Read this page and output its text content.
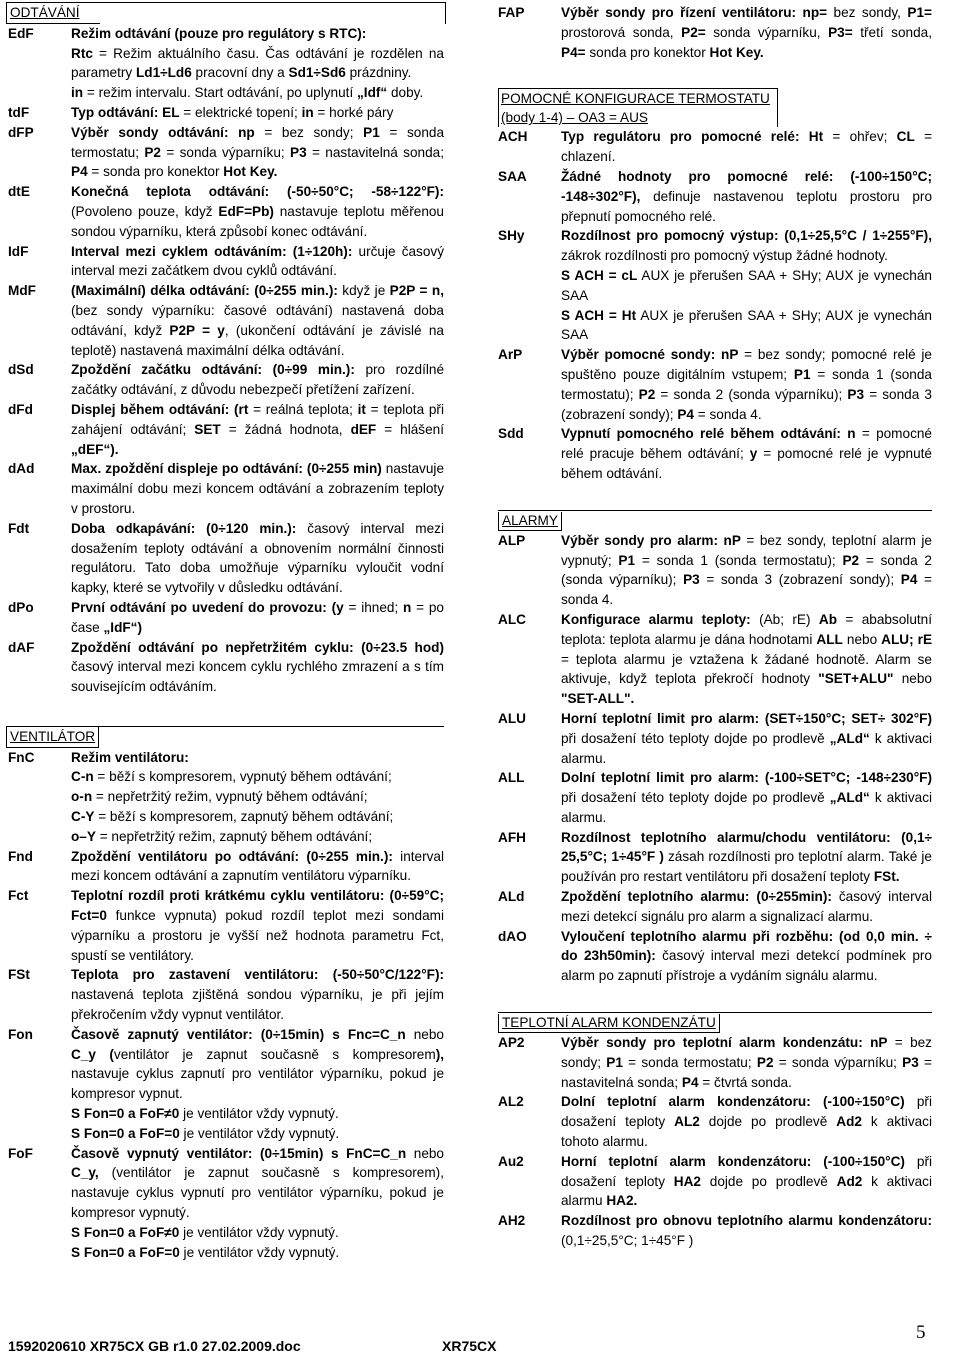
ODTÁVÁNÍ
EdF	Režim odtávání (pouze pro regulátory s RTC):
Rtc = Režim aktuálního času. Čas odtávání je rozdělen na parametry Ld1÷Ld6 pracovní dny a Sd1÷Sd6 prázdniny.
in = režim intervalu. Start odtávání, po uplynutí „Idf“ doby.
tdF	Typ odtávání: EL = elektrické topení; in = horké páry
dFP	Výběr sondy odtávání: np = bez sondy; P1 = sonda termostatu; P2 = sonda výparníku; P3 = nastavitelná sonda; P4 = sonda pro konektor Hot Key.
dtE	Konečná teplota odtávání: (-50÷50°C; -58÷122°F): (Povoleno pouze, když EdF=Pb) nastavuje teplotu měřenou sondou výparníku, která způsobí konec odtávání.
IdF	Interval mezi cyklem odtáváním: (1÷120h): určuje časový interval mezi začátkem dvou cyklů odtávání.
MdF	(Maximální) délka odtávání: (0÷255 min.): když je P2P = n, (bez sondy výparníku: časové odtávání) nastavená doba odtávání, když P2P = y, (ukončení odtávání je závislé na teplotě) nastavená maximální délka odtávání.
dSd	Zpoždění začátku odtávání: (0÷99 min.): pro rozdílné začátky odtávání, z důvodu nebezpečí přetížení zařízení.
dFd	Displej během odtávání: (rt = reálná teplota; it = teplota při zahájení odtávání; SET = žádná hodnota, dEF = hlášení „dEF“).
dAd	Max. zpoždění displeje po odtávání: (0÷255 min) nastavuje maximální dobu mezi koncem odtávání a zobrazením teploty v prostoru.
Fdt	Doba odkapávání: (0÷120 min.): časový interval mezi dosažením teploty odtávání a obnovením normální činnosti regulátoru. Tato doba umožňuje výparníku vyloučit vodní kapky, které se vytvořily v důsledku odtávání.
dPo	První odtávání po uvedení do provozu: (y = ihned; n = po čase „IdF“)
dAF	Zpoždění odtávání po nepřetržitém cyklu: (0÷23.5 hod) časový interval mezi koncem cyklu rychlého zmrazení a s tím souvisejícím odtáváním.
VENTILÁTOR
FnC	Režim ventilátoru:
C-n = běží s kompresorem, vypnutý během odtávání;
o-n = nepřetržitý režim, vypnutý během odtávání;
C-Y = běží s kompresorem, zapnutý během odtávání;
o–Y = nepřetržitý režim, zapnutý během odtávání;
Fnd	Zpoždění ventilátoru po odtávání: (0÷255 min.): interval mezi koncem odtávání a zapnutím ventilátoru výparníku.
Fct	Teplotní rozdíl proti krátkému cyklu ventilátoru: (0÷59°C; Fct=0 funkce vypnuta) pokud rozdíl teplot mezi sondami výparníku a prostoru je vyšší než hodnota parametru Fct, spustí se ventilátory.
FSt	Teplota pro zastavení ventilátoru: (-50÷50°C/122°F): nastavená teplota zjištěná sondou výparníku, je při jejím překročením vždy vypnut ventilátor.
Fon	Časově zapnutý ventilátor: (0÷15min) s Fnc=C_n nebo C_y (ventilátor je zapnut současně s kompresorem), nastavuje cyklus zapnutí pro ventilátor výparníku, pokud je kompresor vypnut.
S Fon=0 a FoF≠0 je ventilátor vždy vypnutý.
S Fon=0 a FoF=0 je ventilátor vždy vypnutý.
FoF	Časově vypnutý ventilátor: (0÷15min) s FnC=C_n nebo C_y, (ventilátor je zapnut současně s kompresorem), nastavuje cyklus vypnutí pro ventilátor výparníku, pokud je kompresor vypnutý.
S Fon=0 a FoF≠0 je ventilátor vždy vypnutý.
S Fon=0 a FoF=0 je ventilátor vždy vypnutý.
FAP	Výběr sondy pro řízení ventilátoru: np= bez sondy, P1= prostorová sonda, P2= sonda výparníku, P3= třetí sonda, P4= sonda pro konektor Hot Key.
POMOCNÉ KONFIGURACE TERMOSTATU (body 1-4) – OA3 = AUS
ACH	Typ regulátoru pro pomocné relé: Ht = ohřev; CL = chlazení.
SAA	Žádné hodnoty pro pomocné relé: (-100÷150°C; -148÷302°F), definuje nastavenou teplotu prostoru pro přepnutí pomocného relé.
SHy	Rozdílnost pro pomocný výstup: (0,1÷25,5°C / 1÷255°F), zákrok rozdílnosti pro pomocný výstup žádné hodnoty.
S ACH = cL AUX je přerušen SAA + SHy; AUX je vynechán SAA
S ACH = Ht AUX je přerušen SAA + SHy; AUX je vynechán SAA
ArP	Výběr pomocné sondy: nP = bez sondy; pomocné relé je spuštěno pouze digitálním vstupem; P1 = sonda 1 (sonda termostatu); P2 = sonda 2 (sonda výparníku); P3 = sonda 3 (zobrazení sondy); P4 = sonda 4.
Sdd	Vypnutí pomocného relé během odtávání: n = pomocné relé pracuje během odtávání; y = pomocné relé je vypnuté během odtávání.
ALARMY
ALP	Výběr sondy pro alarm: nP = bez sondy, teplotní alarm je vypnutý; P1 = sonda 1 (sonda termostatu); P2 = sonda 2 (sonda výparníku); P3 = sonda 3 (zobrazení sondy); P4 = sonda 4.
ALC	Konfigurace alarmu teploty: (Ab; rE) Ab = ababsolutní teplota: teplota alarmu je dána hodnotami ALL nebo ALU; rE = teplota alarmu je vztažena k žádané hodnotě. Alarm se aktivuje, když teplota překročí hodnoty "SET+ALU" nebo "SET-ALL".
ALU	Horní teplotní limit pro alarm: (SET÷150°C; SET÷ 302°F) při dosažení této teploty dojde po prodlevě „ALd“ k aktivaci alarmu.
ALL	Dolní teplotní limit pro alarm: (-100÷SET°C; -148÷230°F) při dosažení této teploty dojde po prodlevě „ALd“ k aktivaci alarmu.
AFH	Rozdílnost teplotního alarmu/chodu ventilátoru: (0,1÷ 25,5°C; 1÷45°F ) zásah rozdílnosti pro teplotní alarm. Také je používán pro restart ventilátoru při dosažení teploty FSt.
ALd	Zpoždění teplotního alarmu: (0÷255min): časový interval mezi detekcí signálu pro alarm a signalizací alarmu.
dAO	Vyloučení teplotního alarmu při rozběhu: (od 0,0 min. ÷ do 23h50min): časový interval mezi detekcí podmínek pro alarm po zapnutí přístroje a vydáním signálu alarmu.
TEPLOTNÍ ALARM KONDENZÁTU
AP2	Výběr sondy pro teplotní alarm kondenzátu: nP = bez sondy; P1 = sonda termostatu; P2 = sonda výparníku; P3 = nastavitelná sonda; P4 = čtvrtá sonda.
AL2	Dolní teplotní alarm kondenzátoru: (-100÷150°C) při dosažení teploty AL2 dojde po prodlevě Ad2 k aktivaci tohoto alarmu.
Au2	Horní teplotní alarm kondenzátoru: (-100÷150°C) při dosažení teploty HA2 dojde po prodlevě Ad2 k aktivaci alarmu HA2.
AH2	Rozdílnost pro obnovu teplotního alarmu kondenzátoru: (0,1÷25,5°C; 1÷45°F )
1592020610 XR75CX GB r1.0 27.02.2009.doc	XR75CX
5
